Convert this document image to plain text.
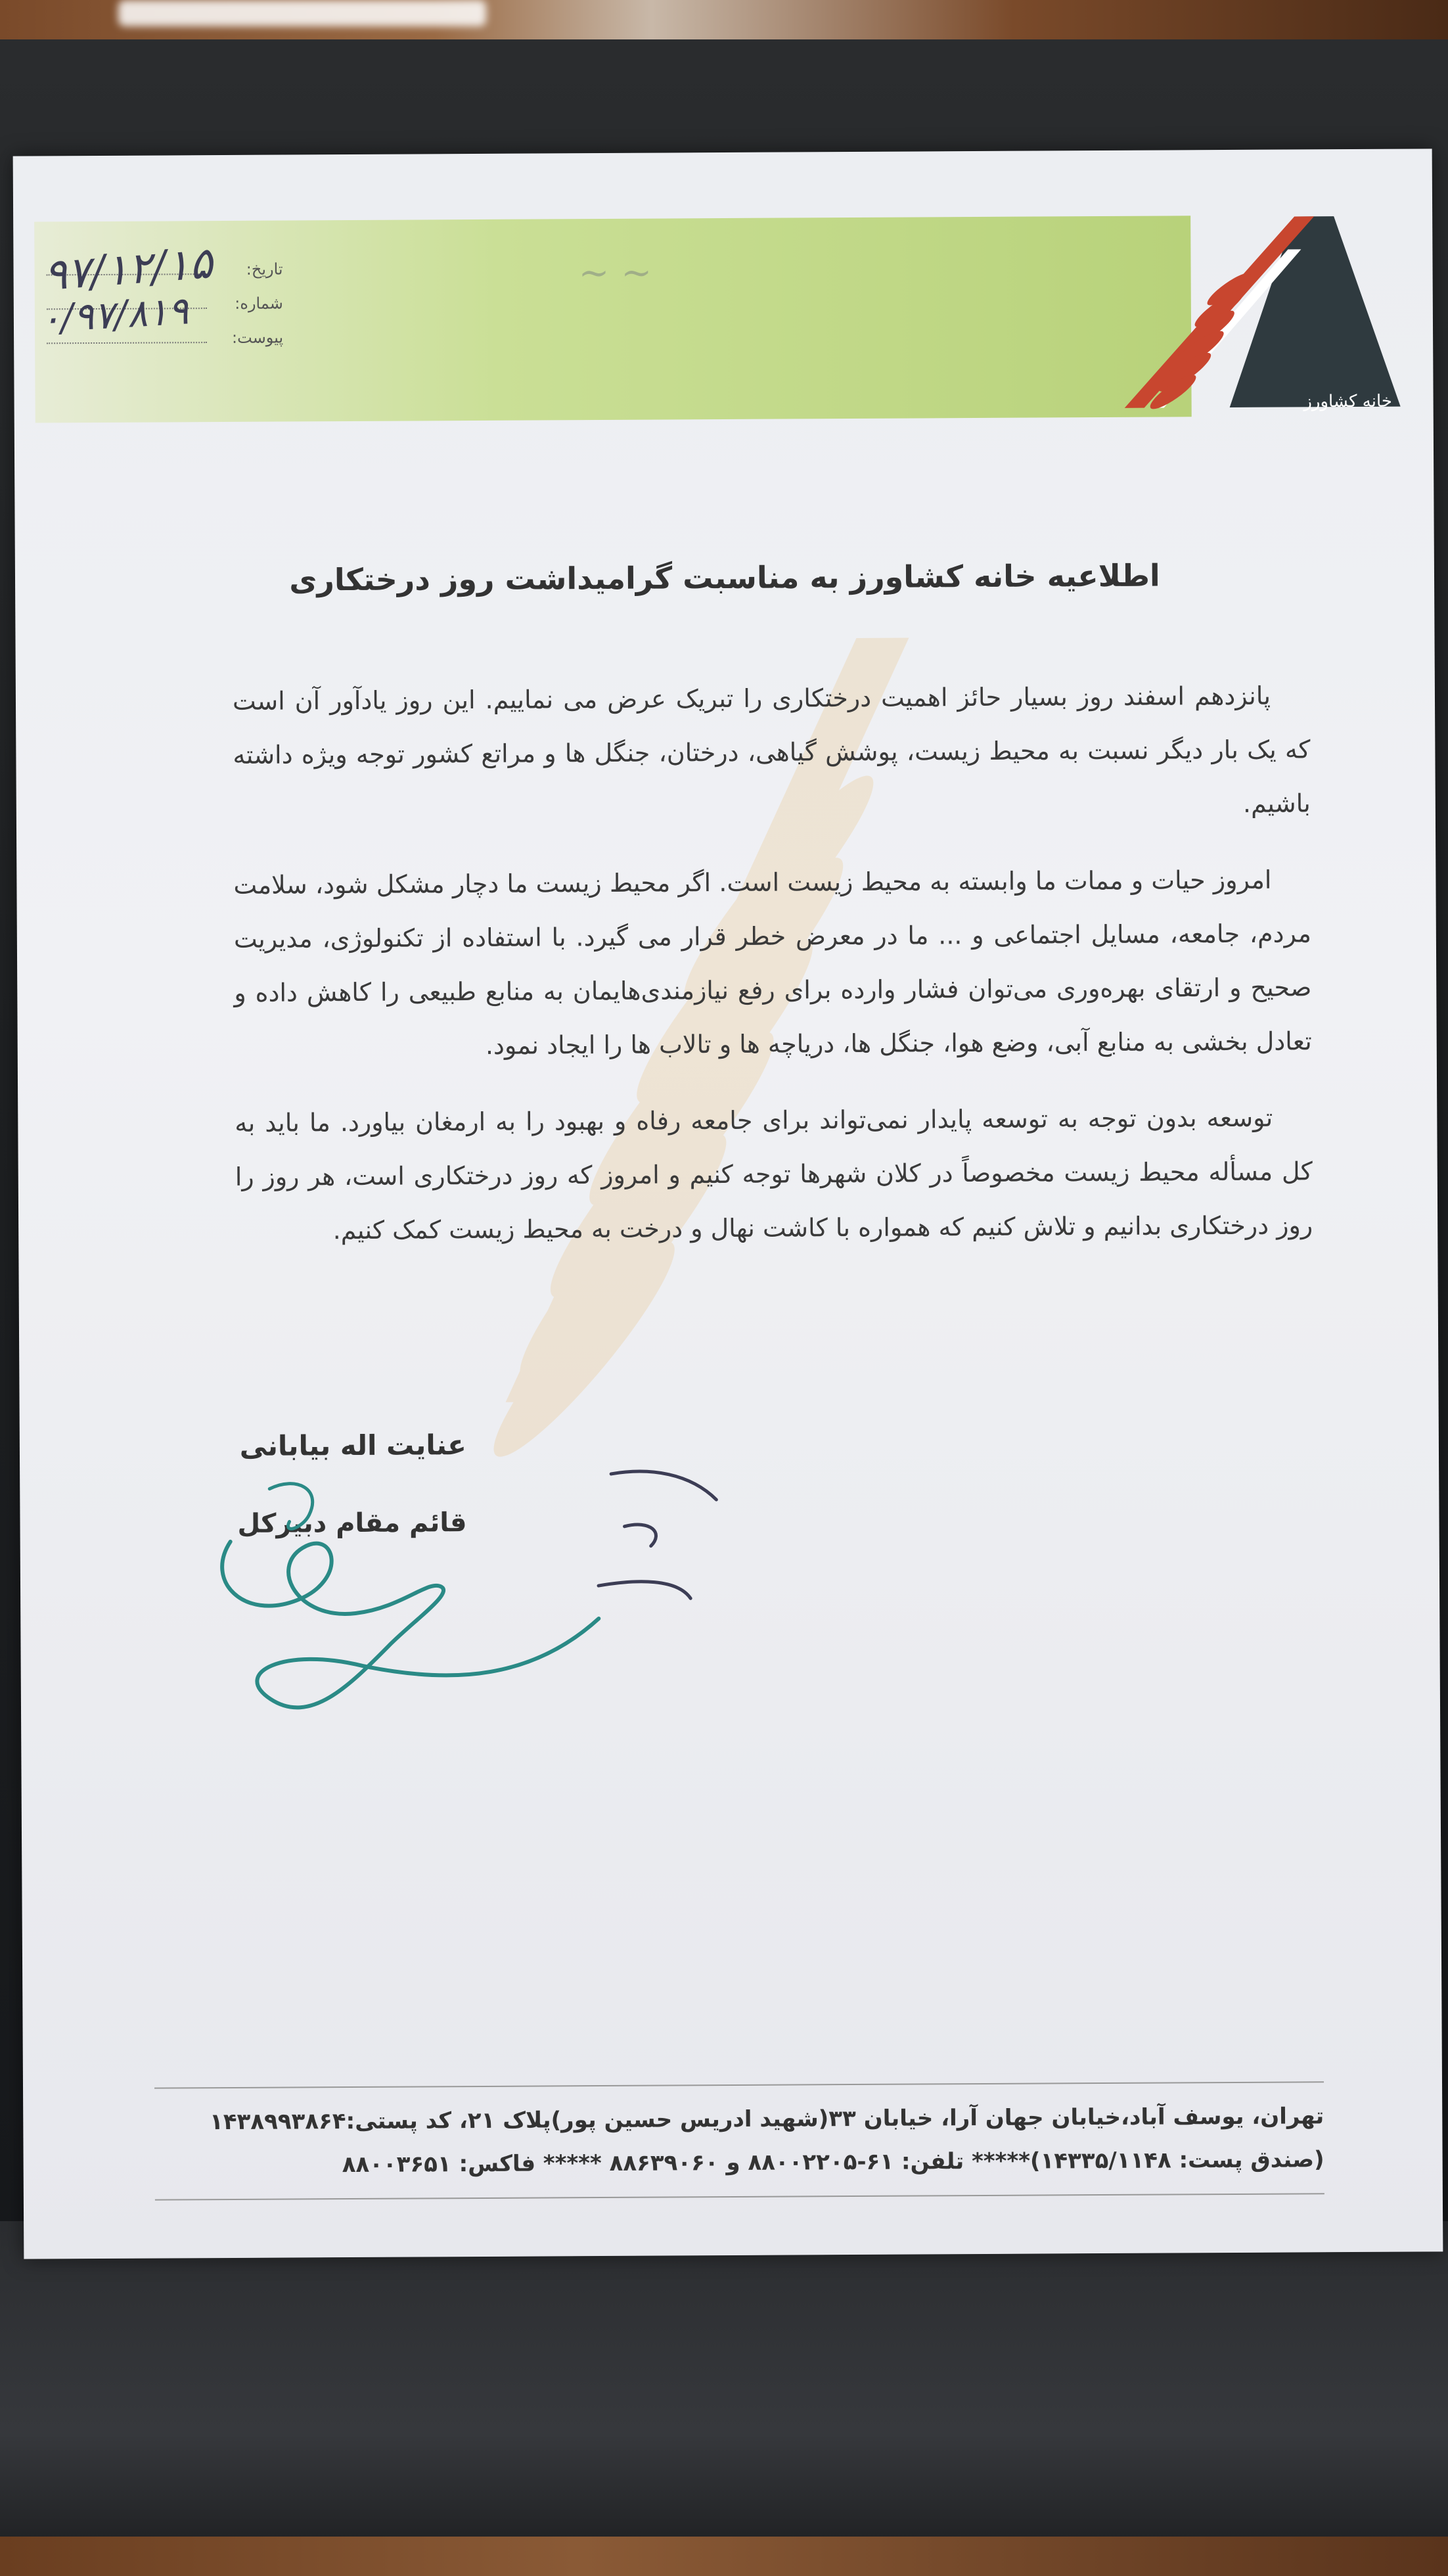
تاریخ:
شماره:
پیوست:
۹۷/۱۲/۱۵
۰/۹۷/۸۱۹
~ ~
خانه کشاورز
اطلاعیه خانه کشاورز به مناسبت گرامیداشت روز درختکاری

پانزدهم اسفند روز بسیار حائز اهمیت درختکاری را تبریک عرض می نماییم. این روز یادآور آن است که یک بار دیگر نسبت به محیط زیست، پوشش گیاهی، درختان، جنگل ها و مراتع کشور توجه ویژه داشته باشیم.

امروز حیات و ممات ما وابسته به محیط زیست است. اگر محیط زیست ما دچار مشکل شود، سلامت مردم، جامعه، مسایل اجتماعی و ... ما در معرض خطر قرار می گیرد. با استفاده از تکنولوژی، مدیریت صحیح و ارتقای بهره‌وری می‌توان فشار وارده برای رفع نیازمندی‌هایمان به منابع طبیعی را کاهش داده و تعادل بخشی به منابع آبی، وضع هوا، جنگل ها، دریاچه ها و تالاب ها را ایجاد نمود.

توسعه بدون توجه به توسعه پایدار نمی‌تواند برای جامعه رفاه و بهبود را به ارمغان بیاورد. ما باید به کل مسأله محیط زیست مخصوصاً در کلان شهرها توجه کنیم و امروز که روز درختکاری است، هر روز را روز درختکاری بدانیم و تلاش کنیم که همواره با کاشت نهال و درخت به محیط زیست کمک کنیم.

عنایت اله بیابانی
قائم مقام دبیرکل
تهران، یوسف آباد،خیابان جهان آرا، خیابان ۳۳(شهید ادریس حسین پور)پلاک ۲۱، کد پستی:۱۴۳۸۹۹۳۸۶۴
(صندق پست: ۱۴۳۳۵/۱۱۴۸)***** تلفن: ۶۱-۸۸۰۰۲۲۰۵ و ۸۸۶۳۹۰۶۰ ***** فاکس: ۸۸۰۰۳۶۵۱
